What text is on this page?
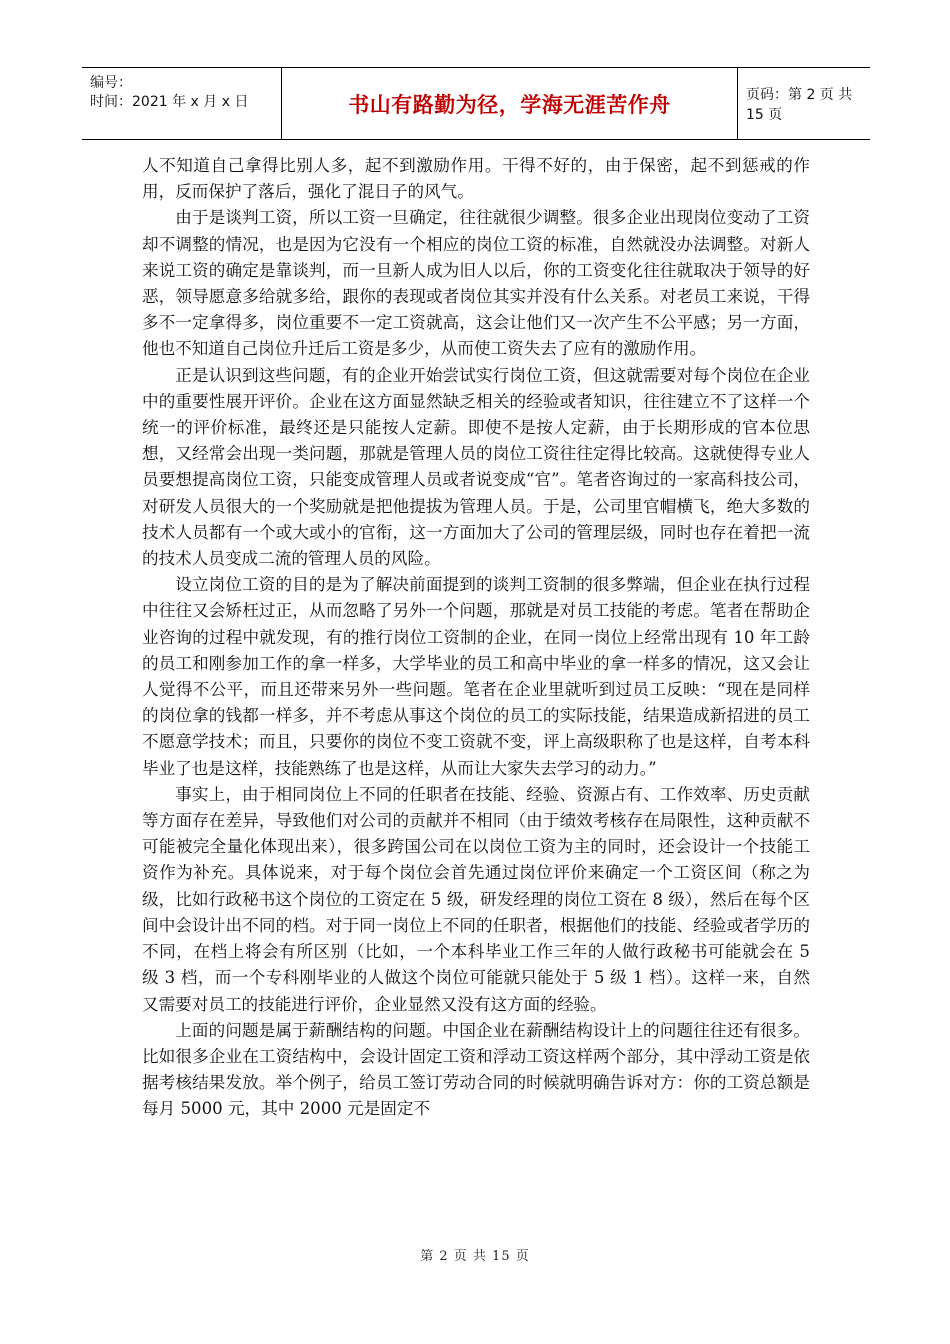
编号：
时间：2021 年 x 月 x 日	书山有路勤为径，学海无涯苦作舟	页码：第 2 页 共 15 页

人不知道自己拿得比别人多，起不到激励作用。干得不好的，由于保密，起不到惩戒的作用，反而保护了落后，强化了混日子的风气。

由于是谈判工资，所以工资一旦确定，往往就很少调整。很多企业出现岗位变动了工资却不调整的情况，也是因为它没有一个相应的岗位工资的标准，自然就没办法调整。对新人来说工资的确定是靠谈判，而一旦新人成为旧人以后，你的工资变化往往就取决于领导的好恶，领导愿意多给就多给，跟你的表现或者岗位其实并没有什么关系。对老员工来说，干得多不一定拿得多，岗位重要不一定工资就高，这会让他们又一次产生不公平感；另一方面，他也不知道自己岗位升迁后工资是多少，从而使工资失去了应有的激励作用。

正是认识到这些问题，有的企业开始尝试实行岗位工资，但这就需要对每个岗位在企业中的重要性展开评价。企业在这方面显然缺乏相关的经验或者知识，往往建立不了这样一个统一的评价标准，最终还是只能按人定薪。即使不是按人定薪，由于长期形成的官本位思想，又经常会出现一类问题，那就是管理人员的岗位工资往往定得比较高。这就使得专业人员要想提高岗位工资，只能变成管理人员或者说变成“官”。笔者咨询过的一家高科技公司，对研发人员很大的一个奖励就是把他提拔为管理人员。于是，公司里官帽横飞，绝大多数的技术人员都有一个或大或小的官衔，这一方面加大了公司的管理层级，同时也存在着把一流的技术人员变成二流的管理人员的风险。

设立岗位工资的目的是为了解决前面提到的谈判工资制的很多弊端，但企业在执行过程中往往又会矫枉过正，从而忽略了另外一个问题，那就是对员工技能的考虑。笔者在帮助企业咨询的过程中就发现，有的推行岗位工资制的企业，在同一岗位上经常出现有 10 年工龄的员工和刚参加工作的拿一样多，大学毕业的员工和高中毕业的拿一样多的情况，这又会让人觉得不公平，而且还带来另外一些问题。笔者在企业里就听到过员工反映：“现在是同样的岗位拿的钱都一样多，并不考虑从事这个岗位的员工的实际技能，结果造成新招进的员工不愿意学技术；而且，只要你的岗位不变工资就不变，评上高级职称了也是这样，自考本科毕业了也是这样，技能熟练了也是这样，从而让大家失去学习的动力。”

事实上，由于相同岗位上不同的任职者在技能、经验、资源占有、工作效率、历史贡献等方面存在差异，导致他们对公司的贡献并不相同（由于绩效考核存在局限性，这种贡献不可能被完全量化体现出来），很多跨国公司在以岗位工资为主的同时，还会设计一个技能工资作为补充。具体说来，对于每个岗位会首先通过岗位评价来确定一个工资区间（称之为级，比如行政秘书这个岗位的工资定在 5 级，研发经理的岗位工资在 8 级），然后在每个区间中会设计出不同的档。对于同一岗位上不同的任职者，根据他们的技能、经验或者学历的不同，在档上将会有所区别（比如，一个本科毕业工作三年的人做行政秘书可能就会在 5 级 3 档，而一个专科刚毕业的人做这个岗位可能就只能处于 5 级 1 档）。这样一来，自然又需要对员工的技能进行评价，企业显然又没有这方面的经验。

上面的问题是属于薪酬结构的问题。中国企业在薪酬结构设计上的问题往往还有很多。比如很多企业在工资结构中，会设计固定工资和浮动工资这样两个部分，其中浮动工资是依据考核结果发放。举个例子，给员工签订劳动合同的时候就明确告诉对方：你的工资总额是每月 5000 元，其中 2000 元是固定不

第 2 页 共 15 页
